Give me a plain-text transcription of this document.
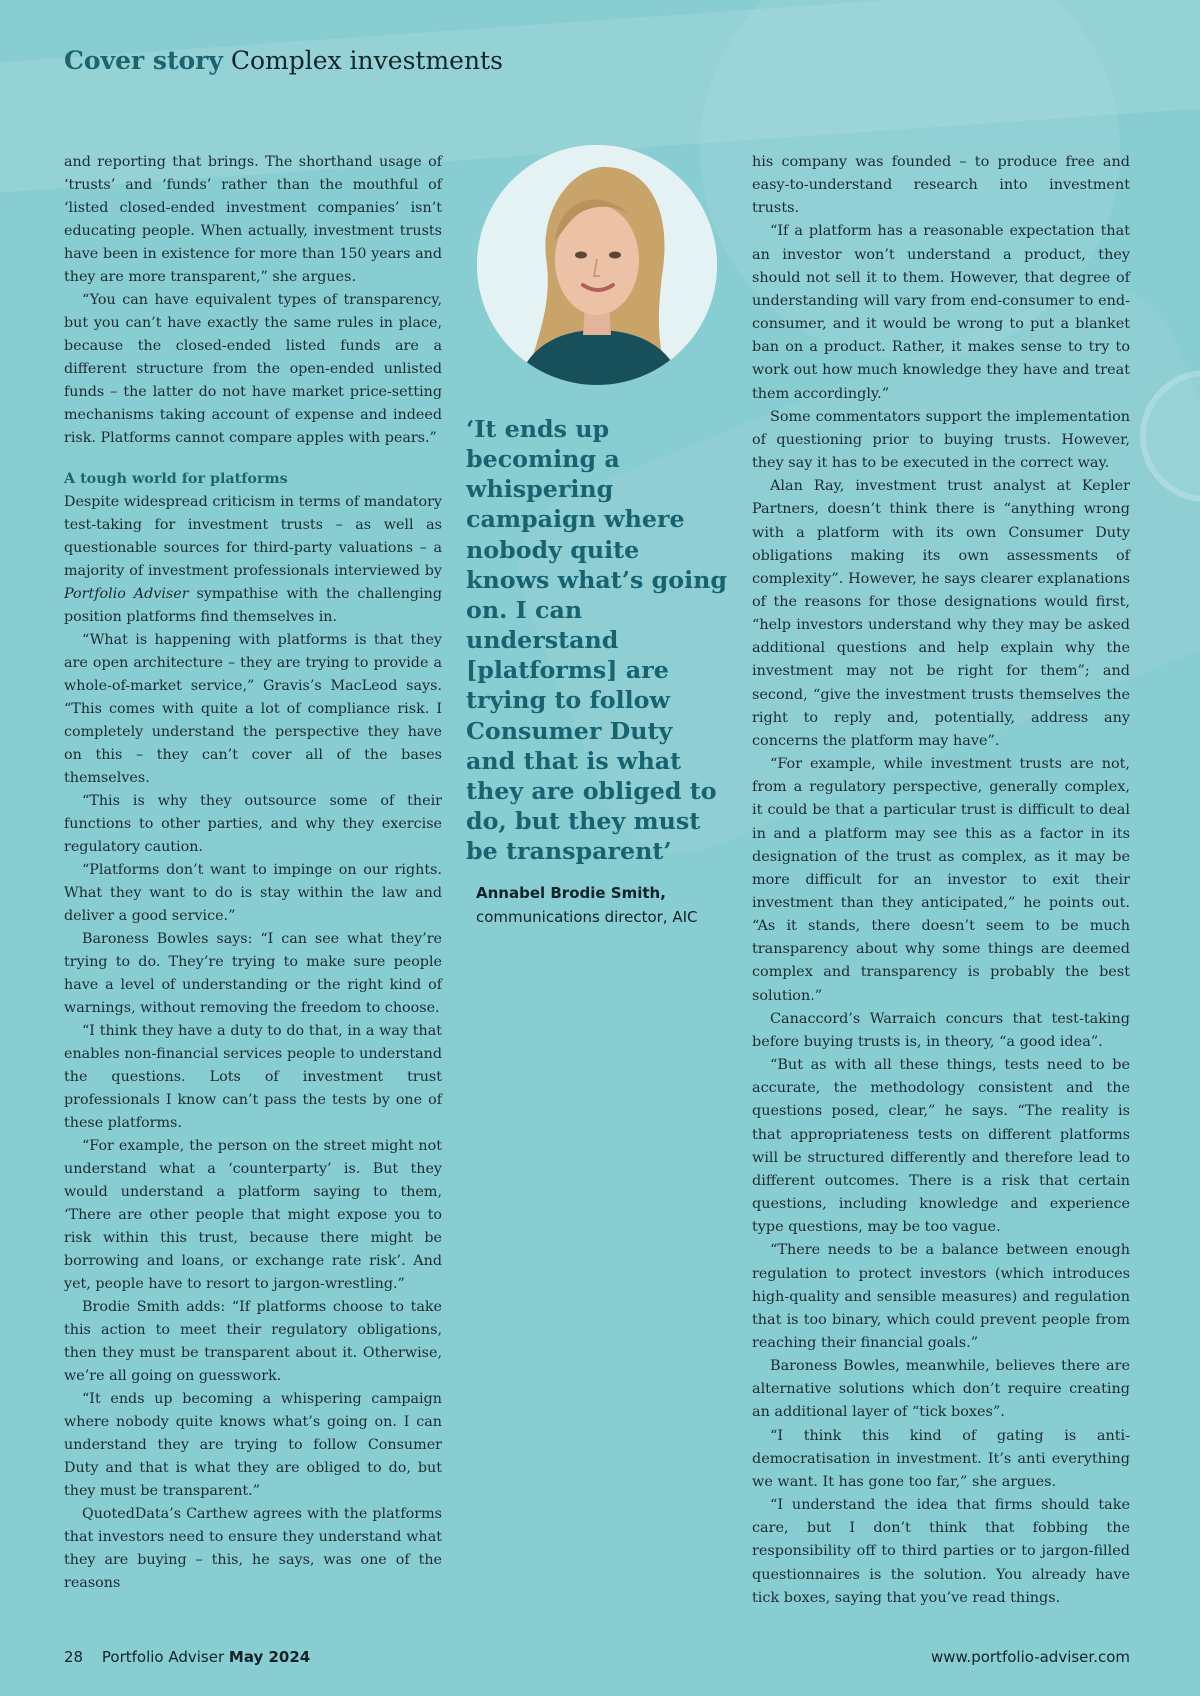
Cover story Complex investments

and reporting that brings. The shorthand usage of ‘trusts’ and ‘funds’ rather than the mouthful of ‘listed closed-ended investment companies’ isn’t educating people. When actually, investment trusts have been in existence for more than 150 years and they are more transparent,” she argues.

“You can have equivalent types of transparency, but you can’t have exactly the same rules in place, because the closed-ended listed funds are a different structure from the open-ended unlisted funds – the latter do not have market price-setting mechanisms taking account of expense and indeed risk. Platforms cannot compare apples with pears.”

A tough world for platforms

Despite widespread criticism in terms of mandatory test-taking for investment trusts – as well as questionable sources for third-party valuations – a majority of investment professionals interviewed by Portfolio Adviser sympathise with the challenging position platforms find themselves in.

“What is happening with platforms is that they are open architecture – they are trying to provide a whole-of-market service,” Gravis’s MacLeod says. “This comes with quite a lot of compliance risk. I completely understand the perspective they have on this – they can’t cover all of the bases themselves.

“This is why they outsource some of their functions to other parties, and why they exercise regulatory caution.

“Platforms don’t want to impinge on our rights. What they want to do is stay within the law and deliver a good service.”

Baroness Bowles says: “I can see what they’re trying to do. They’re trying to make sure people have a level of understanding or the right kind of warnings, without removing the freedom to choose.

“I think they have a duty to do that, in a way that enables non-financial services people to understand the questions. Lots of investment trust professionals I know can’t pass the tests by one of these platforms.

“For example, the person on the street might not understand what a ‘counterparty’ is. But they would understand a platform saying to them, ‘There are other people that might expose you to risk within this trust, because there might be borrowing and loans, or exchange rate risk’. And yet, people have to resort to jargon-wrestling.”

Brodie Smith adds: “If platforms choose to take this action to meet their regulatory obligations, then they must be transparent about it. Otherwise, we’re all going on guesswork.

“It ends up becoming a whispering campaign where nobody quite knows what’s going on. I can understand they are trying to follow Consumer Duty and that is what they are obliged to do, but they must be transparent.”

QuotedData’s Carthew agrees with the platforms that investors need to ensure they understand what they are buying – this, he says, was one of the reasons

‘It ends up becoming a whispering campaign where nobody quite knows what’s going on. I can understand [platforms] are trying to follow Consumer Duty and that is what they are obliged to do, but they must be transparent’

Annabel Brodie Smith,
communications director, AIC

his company was founded – to produce free and easy-to-understand research into investment trusts.

“If a platform has a reasonable expectation that an investor won’t understand a product, they should not sell it to them. However, that degree of understanding will vary from end-consumer to end-consumer, and it would be wrong to put a blanket ban on a product. Rather, it makes sense to try to work out how much knowledge they have and treat them accordingly.”

Some commentators support the implementation of questioning prior to buying trusts. However, they say it has to be executed in the correct way.

Alan Ray, investment trust analyst at Kepler Partners, doesn’t think there is “anything wrong with a platform with its own Consumer Duty obligations making its own assessments of complexity”. However, he says clearer explanations of the reasons for those designations would first, “help investors understand why they may be asked additional questions and help explain why the investment may not be right for them”; and second, “give the investment trusts themselves the right to reply and, potentially, address any concerns the platform may have”.

“For example, while investment trusts are not, from a regulatory perspective, generally complex, it could be that a particular trust is difficult to deal in and a platform may see this as a factor in its designation of the trust as complex, as it may be more difficult for an investor to exit their investment than they anticipated,” he points out. “As it stands, there doesn’t seem to be much transparency about why some things are deemed complex and transparency is probably the best solution.”

Canaccord’s Warraich concurs that test-taking before buying trusts is, in theory, “a good idea”.

“But as with all these things, tests need to be accurate, the methodology consistent and the questions posed, clear,” he says. “The reality is that appropriateness tests on different platforms will be structured differently and therefore lead to different outcomes. There is a risk that certain questions, including knowledge and experience type questions, may be too vague.

“There needs to be a balance between enough regulation to protect investors (which introduces high-quality and sensible measures) and regulation that is too binary, which could prevent people from reaching their financial goals.”

Baroness Bowles, meanwhile, believes there are alternative solutions which don’t require creating an additional layer of “tick boxes”.

“I think this kind of gating is anti-democratisation in investment. It’s anti everything we want. It has gone too far,” she argues.

“I understand the idea that firms should take care, but I don’t think that fobbing the responsibility off to third parties or to jargon-filled questionnaires is the solution. You already have tick boxes, saying that you’ve read things.

28 Portfolio Adviser May 2024	www.portfolio-adviser.com
